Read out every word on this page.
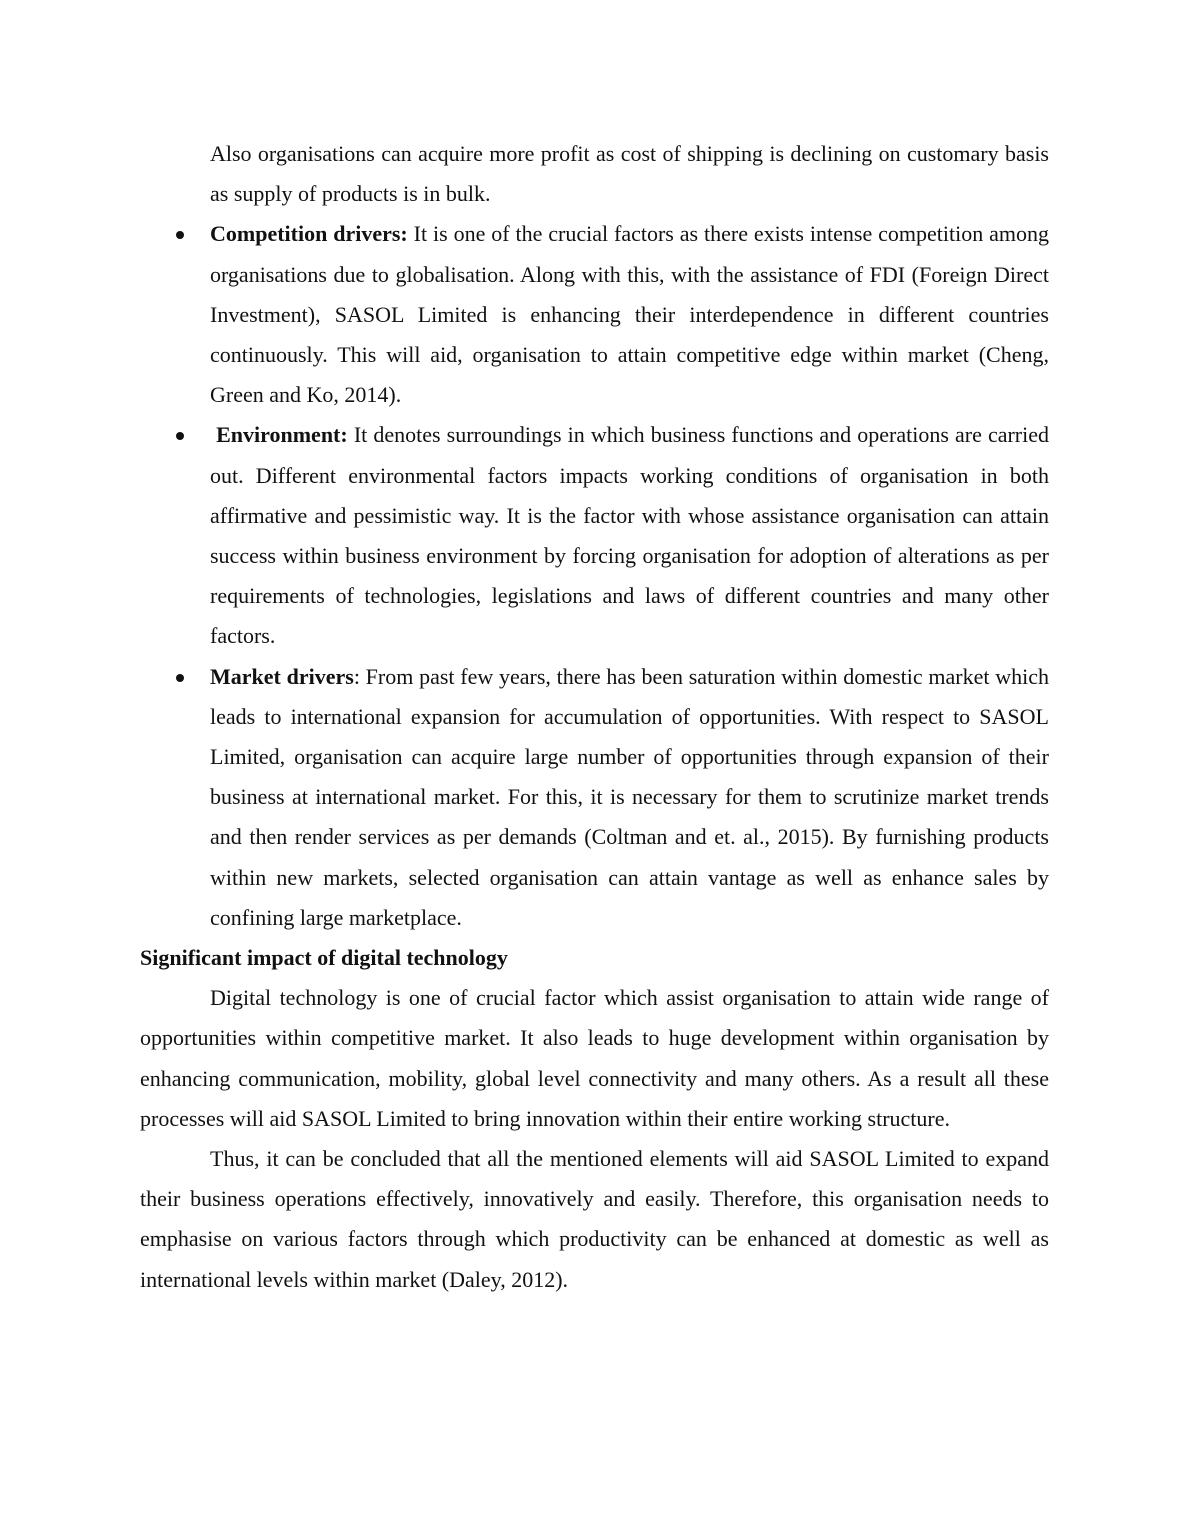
Also organisations can acquire more profit as cost of shipping is declining on customary basis as supply of products is in bulk.

Competition drivers: It is one of the crucial factors as there exists intense competition among organisations due to globalisation. Along with this, with the assistance of FDI (Foreign Direct Investment), SASOL Limited is enhancing their interdependence in different countries continuously. This will aid, organisation to attain competitive edge within market (Cheng, Green and Ko, 2014).
Environment: It denotes surroundings in which business functions and operations are carried out. Different environmental factors impacts working conditions of organisation in both affirmative and pessimistic way. It is the factor with whose assistance organisation can attain success within business environment by forcing organisation for adoption of alterations as per requirements of technologies, legislations and laws of different countries and many other factors.
Market drivers: From past few years, there has been saturation within domestic market which leads to international expansion for accumulation of opportunities. With respect to SASOL Limited, organisation can acquire large number of opportunities through expansion of their business at international market. For this, it is necessary for them to scrutinize market trends and then render services as per demands (Coltman and et. al., 2015). By furnishing products within new markets, selected organisation can attain vantage as well as enhance sales by confining large marketplace.

Significant impact of digital technology

Digital technology is one of crucial factor which assist organisation to attain wide range of opportunities within competitive market. It also leads to huge development within organisation by enhancing communication, mobility, global level connectivity and many others. As a result all these processes will aid SASOL Limited to bring innovation within their entire working structure.

Thus, it can be concluded that all the mentioned elements will aid SASOL Limited to expand their business operations effectively, innovatively and easily. Therefore, this organisation needs to emphasise on various factors through which productivity can be enhanced at domestic as well as international levels within market (Daley, 2012).
